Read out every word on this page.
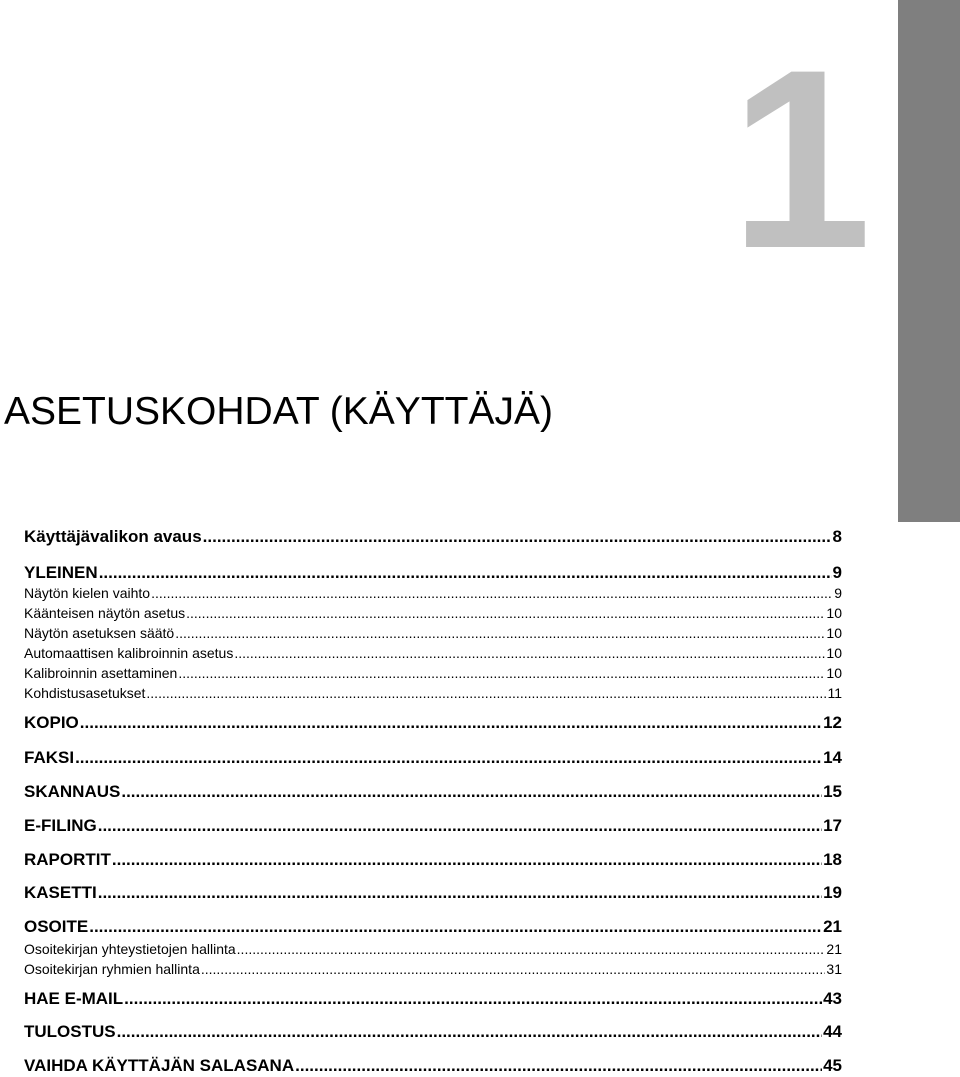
1
ASETUSKOHDAT (KÄYTTÄJÄ)
Käyttäjävalikon avaus .....	8
YLEINEN .....	9
Näytön kielen vaihto .....	9
Käänteisen näytön asetus .....	10
Näytön asetuksen säätö .....	10
Automaattisen kalibroinnin asetus .....	10
Kalibroinnin asettaminen .....	10
Kohdistusasetukset .....	11
KOPIO .....	12
FAKSI .....	14
SKANNAUS .....	15
E-FILING .....	17
RAPORTIT .....	18
KASETTI .....	19
OSOITE .....	21
Osoitekirjan yhteystietojen hallinta .....	21
Osoitekirjan ryhmien hallinta .....	31
HAE E-MAIL .....	43
TULOSTUS .....	44
VAIHDA KÄYTTÄJÄN SALASANA .....	45
